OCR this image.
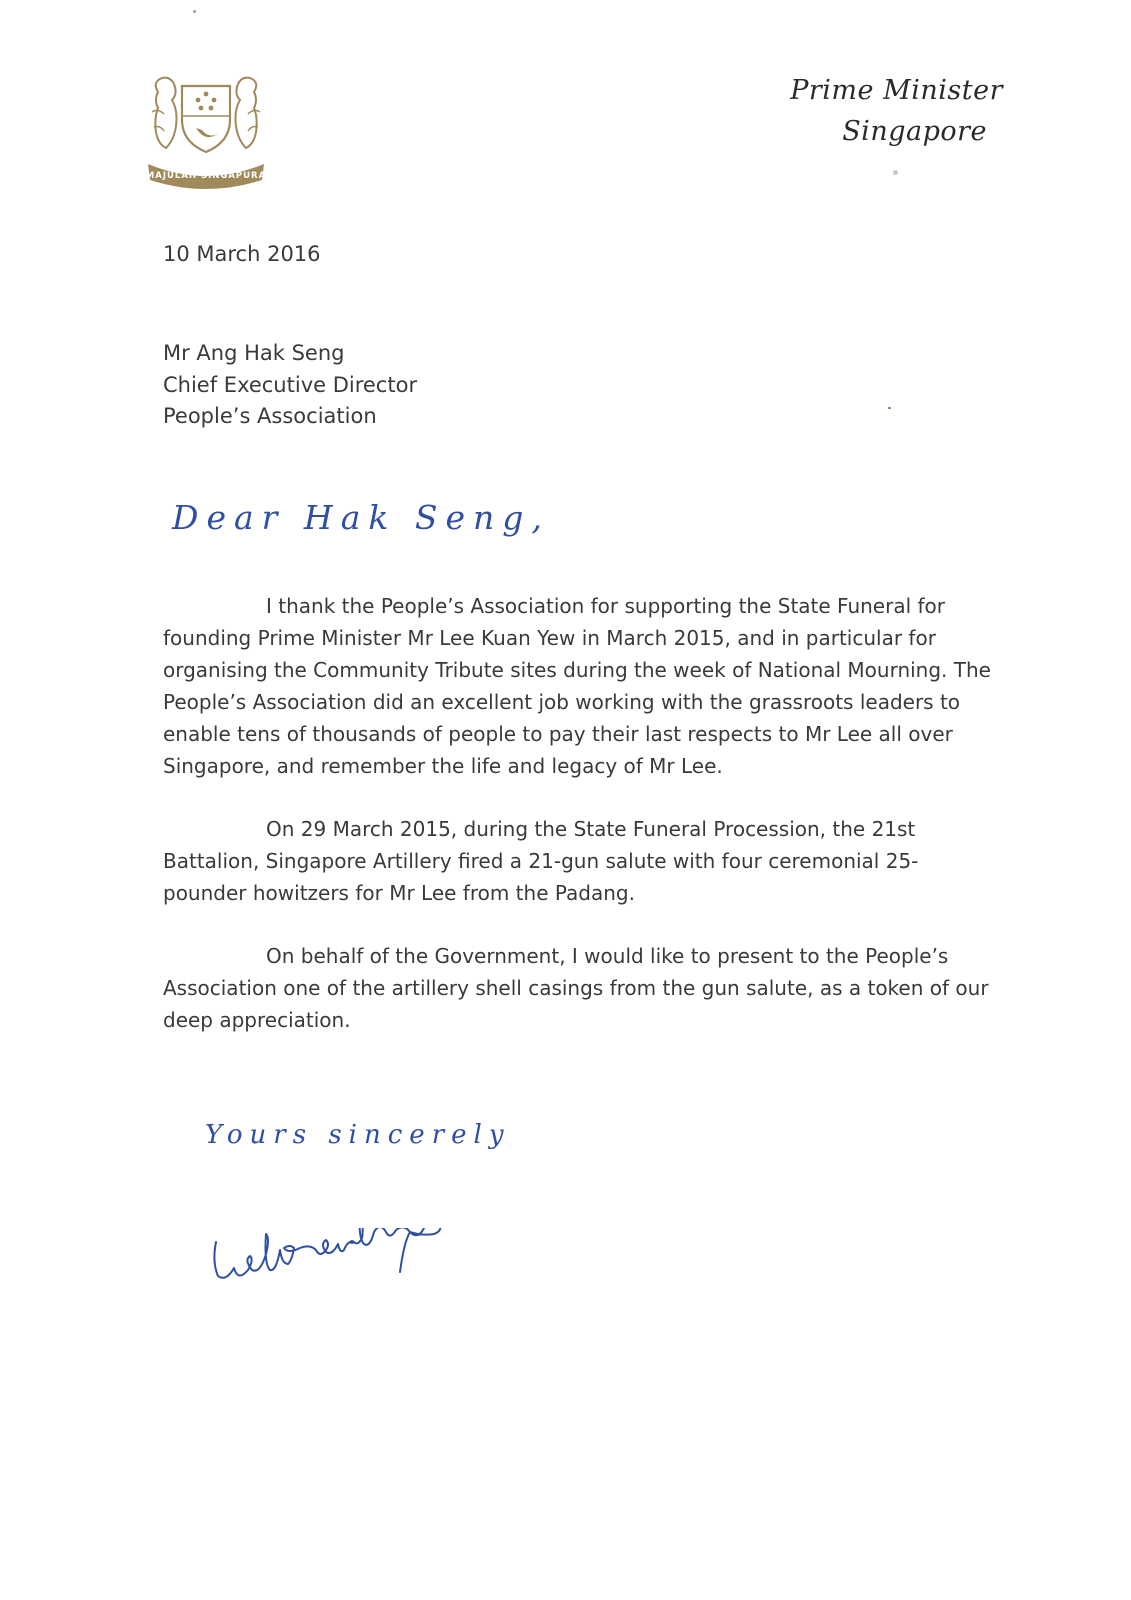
MAJULAH SINGAPURA
Prime Minister
Singapore
10 March 2016
Mr Ang Hak Seng
Chief Executive Director
People’s Association
Dear Hak Seng,

I thank the People’s Association for supporting the State Funeral for founding Prime Minister Mr Lee Kuan Yew in March 2015, and in particular for organising the Community Tribute sites during the week of National Mourning. The People’s Association did an excellent job working with the grassroots leaders to enable tens of thousands of people to pay their last respects to Mr Lee all over Singapore, and remember the life and legacy of Mr Lee.

On 29 March 2015, during the State Funeral Procession, the 21st Battalion, Singapore Artillery fired a 21-gun salute with four ceremonial 25-pounder howitzers for Mr Lee from the Padang.

On behalf of the Government, I would like to present to the People’s Association one of the artillery shell casings from the gun salute, as a token of our deep appreciation.

Yours sincerely
